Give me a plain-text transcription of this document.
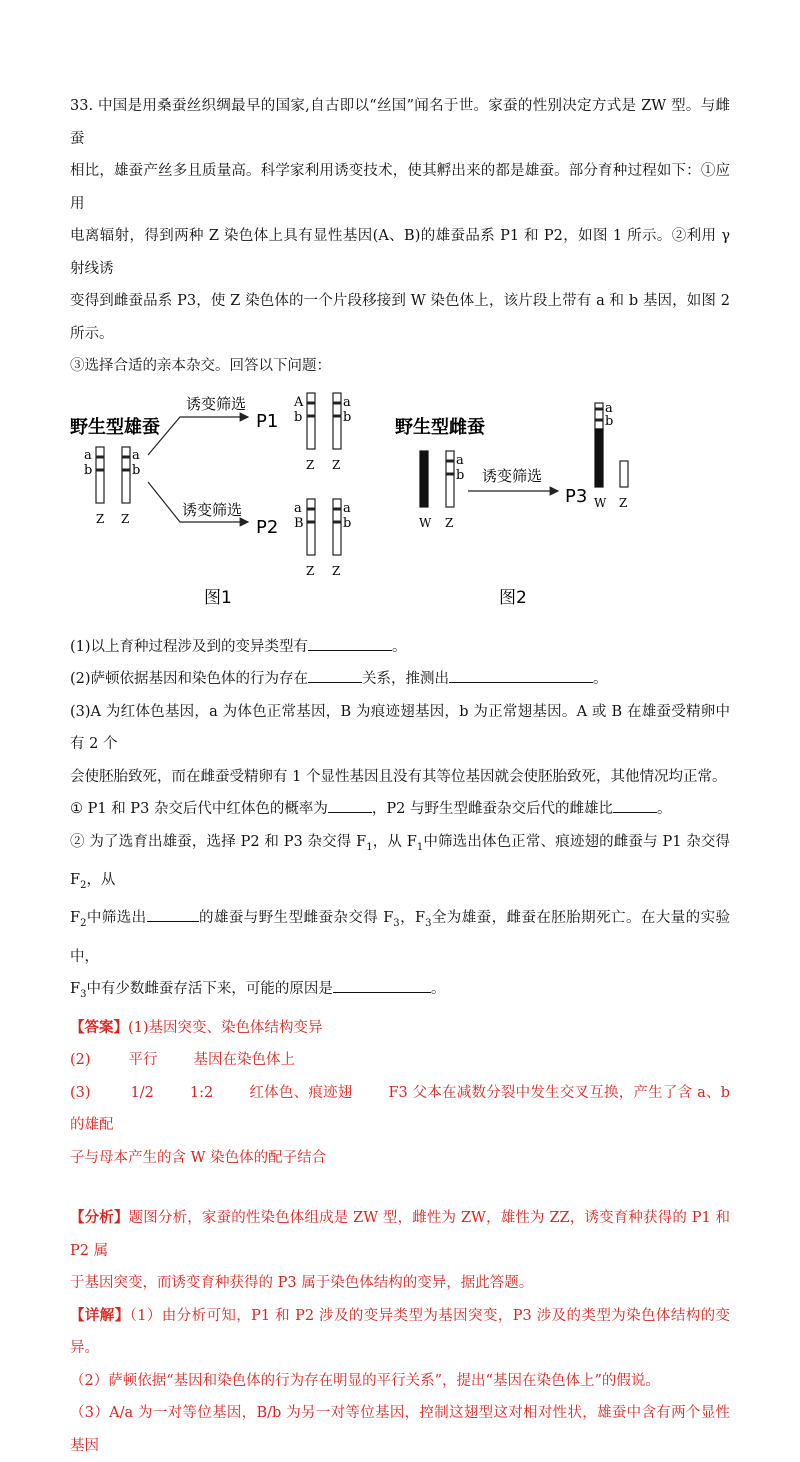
33. 中国是用桑蚕丝织绸最早的国家,自古即以“丝国”闻名于世。家蚕的性别决定方式是 ZW 型。与雌蚕
相比，雄蚕产丝多且质量高。科学家利用诱变技术，使其孵出来的都是雄蚕。部分育种过程如下：①应用
电离辐射，得到两种 Z 染色体上具有显性基因(A、B)的雄蚕品系 P1 和 P2，如图 1 所示。②利用 γ 射线诱
变得到雌蚕品系 P3，使 Z 染色体的一个片段移接到 W 染色体上，该片段上带有 a 和 b 基因，如图 2 所示。
③选择合适的亲本杂交。回答以下问题：

野生型雄蚕
a
b
a
b
Z Z
诱变筛选
诱变筛选
P1
P2
A
b
a
b
Z Z
a
B
a
b
Z Z
图1
野生型雌蚕
a
b
W Z
诱变筛选
P3
a
b
W Z
图2

(1)以上育种过程涉及到的变异类型有	。

(2)萨顿依据基因和染色体的行为存在	关系，推测出	。

(3)A 为红体色基因，a 为体色正常基因，B 为痕迹翅基因，b 为正常翅基因。A 或 B 在雄蚕受精卵中有 2 个
会使胚胎致死，而在雌蚕受精卵有 1 个显性基因且没有其等位基因就会使胚胎致死，其他情况均正常。
① P1 和 P3 杂交后代中红体色的概率为	，P2 与野生型雌蚕杂交后代的雌雄比	。
② 为了选育出雄蚕，选择 P2 和 P3 杂交得 $F_1$，从 $F_1$中筛选出体色正常、痕迹翅的雌蚕与 P1 杂交得 $F_2$，从
$F_2$中筛选出	的雄蚕与野生型雌蚕杂交得 $F_3$，$F_3$全为雄蚕，雌蚕在胚胎期死亡。在大量的实验中，
$F_3$中有少数雌蚕存活下来，可能的原因是	。

【答案】(1)基因突变、染色体结构变异
(2)	平行 基因在染色体上
(3)	1/2 1:2 红体色、痕迹翅 F3 父本在减数分裂中发生交叉互换，产生了含 a、b 的雄配
子与母本产生的含 W 染色体的配子结合

【分析】题图分析，家蚕的性染色体组成是 ZW 型，雌性为 ZW，雄性为 ZZ，诱变育种获得的 P1 和 P2 属
于基因突变，而诱变育种获得的 P3 属于染色体结构的变异，据此答题。

【详解】（1）由分析可知，P1 和 P2 涉及的变异类型为基因突变，P3 涉及的类型为染色体结构的变异。
（2）萨顿依据“基因和染色体的行为存在明显的平行关系”，提出“基因在染色体上”的假说。
（3）A/a 为一对等位基因，B/b 为另一对等位基因，控制这翅型这对相对性状，雄蚕中含有两个显性基因
